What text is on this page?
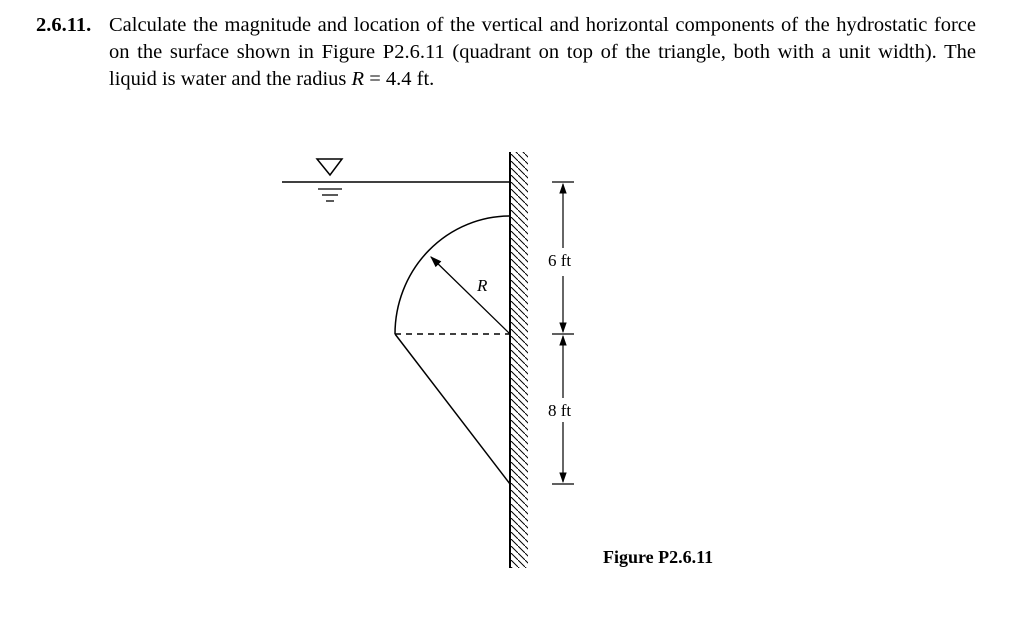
2.6.11. Calculate the magnitude and location of the vertical and horizontal components of the hydrostatic force on the surface shown in Figure P2.6.11 (quadrant on top of the triangle, both with a unit width). The liquid is water and the radius R = 4.4 ft.
R
6 ft
8 ft
Figure P2.6.11
